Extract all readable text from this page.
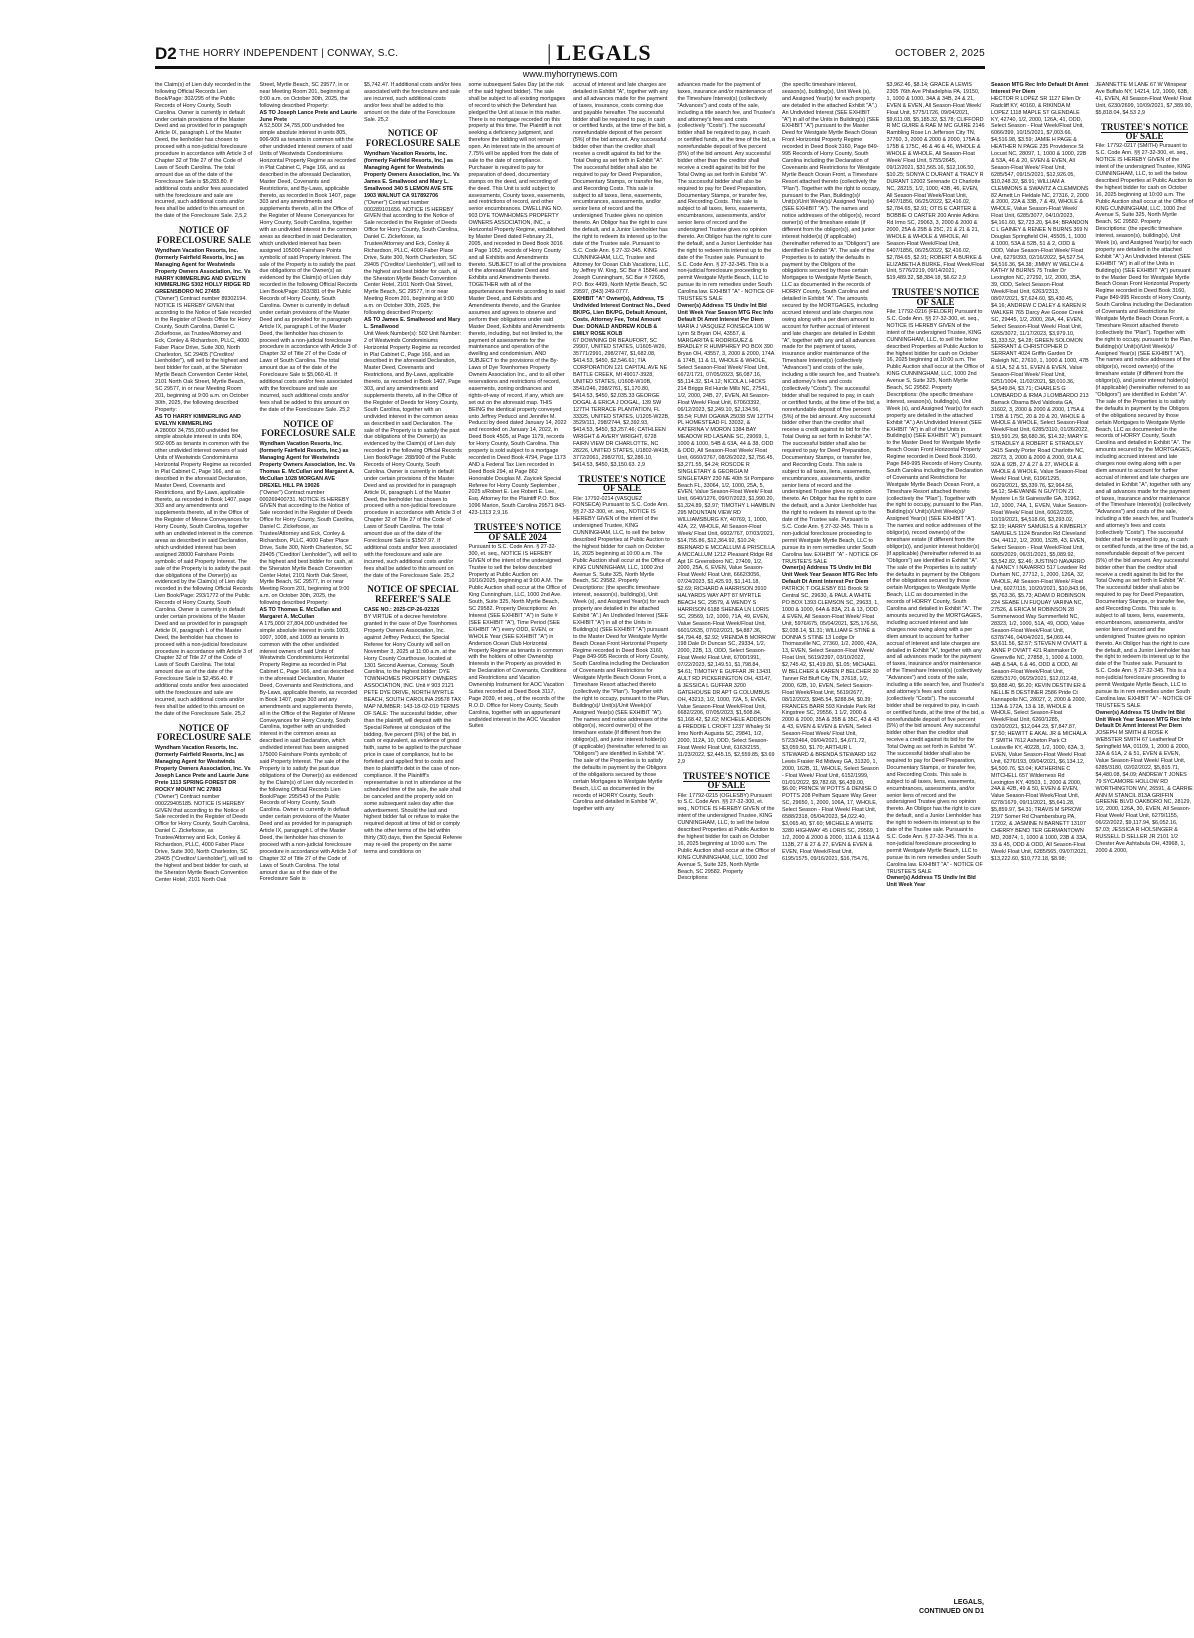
D2 THE HORRY INDEPENDENT | CONWAY, S.C.	| LEGALS	OCTOBER 2, 2025
www.myhorrynews.com

the Claim(s) of Lien duly recorded in the following Official Records Lien Book/Page: 302/295 of the Public Records of Horry County, South Carolina. Owner is currently in default under certain provisions of the Master Deed and as provided for in paragraph Article IX, paragraph L of the Master Deed, the lienholder has chosen to proceed with a non-judicial foreclosure procedure in accordance with Article 3 of Chapter 32 of Title 27 of the Code of Laws of South Carolina. The total amount due as of the date of the Foreclosure Sale is $5,283.80. If additional costs and/or fees associated with the foreclosure and sale are incurred, such additional costs and/or fees shall be added to this amount on the date of the Foreclosure Sale. 2,5,2

NOTICE OF FORECLOSURE SALE

Wyndham Vacation Resorts, Inc. (formerly Fairfield Resorts, Inc.) as Managing Agent for Westwinds Property Owners Association, Inc. Vs HARRY KIMMERLING AND EVELYN KIMMERLING 5302 HOLLY RIDGE RD GREENSBORO NC 27455

("Owner") Contract number 89302194. NOTICE IS HEREBY GIVEN that according to the Notice of Sale recorded in the Register of Deeds Office for Horry County, South Carolina, Daniel C. Zickefoose, as Trustee/Attorney and Eck, Conley & Richardson, PLLC, 4000 Faber Place Drive, Suite 300, North Charleston, SC 29405 ("Creditor/ Lienholder"), will sell to the highest and best bidder for cash, at the Sheraton Myrtle Beach Convention Center Hotel, 2101 North Oak Street, Myrtle Beach, SC 29577, in or near Meeting Room 201, beginning at 9:00 a.m. on October 30th, 2025, the following described Property:

AS TO HARRY KIMMERLING AND EVELYN KIMMERLING

A 28000/ 34,755,000 undivided fee simple absolute interest in units 804, 902-905 as tenants in common with the other undivided interest owners of said Units of Westwinds Condominiums Horizontal Property Regime as recorded in Plat Cabinet C, Page 166, and as described in the aforesaid Declaration, Master Deed, Covenants and Restrictions, and By-Laws, applicable thereto, as recorded in Book 1407, page 303 and any amendments and supplements thereto, all in the Office of the Register of Mesne Conveyances for Horry County, South Carolina, together with an undivided interest in the common areas as described in said Declaration, which undivided interest has been assigned 28000 Fairshare Points symbolic of said Property Interest. The sale of the Property is to satisfy the past due obligations of the Owner(s) as evidenced by the Claim(s) of Lien duly recorded in the following Official Records Lien Book/Page: 293/1772 of the Public Records of Horry County, South Carolina. Owner is currently in default under certain provisions of the Master Deed and as provided for in paragraph Article IX, paragraph L of the Master Deed, the lienholder has chosen to proceed with a non-judicial foreclosure procedure in accordance with Article 3 of Chapter 32 of Title 27 of the Code of Laws of South Carolina. The total amount due as of the date of the Foreclosure Sale is $2,456.40. If additional costs and/or fees associated with the foreclosure and sale are incurred, such additional costs and/or fees shall be added to this amount on the date of the Foreclosure Sale. 25,2

NOTICE OF FORECLOSURE SALE

Wyndham Vacation Resorts, Inc. (formerly Fairfield Resorts, Inc.) as Managing Agent for Westwinds Property Owners Association, Inc. Vs Joseph Lance Prete and Laurie June Prete 1113 SPRING FOREST DR ROCKY MOUNT NC 27803

("Owner") Contract number 000229405185. NOTICE IS HEREBY GIVEN that according to the Notice of Sale recorded in the Register of Deeds Office for Horry County, South Carolina, Daniel C. Zickefoose, as Trustee/Attorney and Eck, Conley & Richardson, PLLC, 4000 Faber Place Drive, Suite 300, North Charleston, SC 29405 ("Creditor/ Lienholder"), will sell to the highest and best bidder for cash, at the Sheraton Myrtle Beach Convention Center Hotel, 2101 North Oak

Street, Myrtle Beach, SC 29577, in or near Meeting Room 201, beginning at 9:00 a.m. on October 30th, 2025, the following described Property:

AS TO Joseph Lance Prete and Laurie June Prete

A 52,500/ 34,755,000 undivided fee simple absolute interest in units 805, 906-909 as tenants in common with the other undivided interest owners of said Units of Westwinds Condominiums Horizontal Property Regime as recorded in Plat Cabinet C, Page 166, and as described in the aforesaid Declaration, Master Deed, Covenants and Restrictions, and By-Laws, applicable thereto, as recorded in Book 1407, page 303 and any amendments and supplements thereto, all in the Office of the Register of Mesne Conveyances for Horry County, South Carolina, together with an undivided interest in the common areas as described in said Declaration, which undivided interest has been assigned 105000 Fairshare Points symbolic of said Property Interest. The sale of the Property is to satisfy the past due obligations of the Owner(s) as evidenced by the Claim(s) of Lien duly recorded in the following Official Records Lien Book/Page: 263/381 of the Public Records of Horry County, South Carolina. Owner is currently in default under certain provisions of the Master Deed and as provided for in paragraph Article IX, paragraph L of the Master Deed, the lienholder has chosen to proceed with a non-judicial foreclosure procedure in accordance with Article 3 of Chapter 32 of Title 27 of the Code of Laws of South Carolina. The total amount due as of the date of the Foreclosure Sale is $5,060.41. If additional costs and/or fees associated with the foreclosure and sale are incurred, such additional costs and/or fees shall be added to this amount on the date of the Foreclosure Sale. 25,2

NOTICE OF FORECLOSURE SALE

Wyndham Vacation Resorts, Inc. (formerly Fairfield Resorts, Inc.) as Managing Agent for Westwinds Property Owners Association, Inc. Vs Thomas E. McCullan and Margaret A. McCullan 1028 MORGAN AVE DREXEL HILL PA 19026

("Owner") Contract number 000269400731. NOTICE IS HEREBY GIVEN that according to the Notice of Sale recorded in the Register of Deeds Office for Horry County, South Carolina, Daniel C. Zickefoose, as Trustee/Attorney and Eck, Conley & Richardson, PLLC, 4000 Faber Place Drive, Suite 300, North Charleston, SC 29405 ("Creditor/ Lienholder"), will sell to the highest and best bidder for cash, at the Sheraton Myrtle Beach Convention Center Hotel, 2101 North Oak Street, Myrtle Beach, SC 29577, in or near Meeting Room 201, beginning at 9:00 a.m. on October 30th, 2025, the following described Property:

AS TO Thomas E. McCullan and Margaret A. McCullan

A 175,000/ 27,804,000 undivided fee simple absolute interest in units 1003, 1007, 1008, and 1009 as tenants in common with the other undivided interest owners of said Units of Westwinds Condominiums Horizontal Property Regime as recorded in Plat Cabinet C, Page 166, and as described in the aforesaid Declaration, Master Deed, Covenants and Restrictions, and By-Laws, applicable thereto, as recorded in Book 1407, page 303 and any amendments and supplements thereto, all in the Office of the Register of Mesne Conveyances for Horry County, South Carolina, together with an undivided interest in the common areas as described in said Declaration, which undivided interest has been assigned 175000 Fairshare Points symbolic of said Property Interest. The sale of the Property is to satisfy the past due obligations of the Owner(s) as evidenced by the Claim(s) of Lien duly recorded in the following Official Records Lien Book/Page: 295/543 of the Public Records of Horry County, South Carolina. Owner is currently in default under certain provisions of the Master Deed and as provided for in paragraph Article IX, paragraph L of the Master Deed, the lienholder has chosen to proceed with a non-judicial foreclosure procedure in accordance with Article 3 of Chapter 32 of Title 27 of the Code of Laws of South Carolina. The total amount due as of the date of the Foreclosure Sale is

$5,742.47. If additional costs and/or fees associated with the foreclosure and sale are incurred, such additional costs and/or fees shall be added to this amount on the date of the Foreclosure Sale. 25,2

NOTICE OF FORECLOSURE SALE

Wyndham Vacation Resorts, Inc. (formerly Fairfield Resorts, Inc.) as Managing Agent for Westwinds Property Owners Association, Inc. Vs James E. Smallwood and Mary L. Smallwood 340 S LEMON AVE STE 1903 WALNUT CA 917892706

("Owner") Contract number 000289101656. NOTICE IS HEREBY GIVEN that according to the Notice of Sale recorded in the Register of Deeds Office for Horry County, South Carolina, Daniel C. Zickefoose, as Trustee/Attorney and Eck, Conley & Richardson, PLLC, 4000 Faber Place Drive, Suite 300, North Charleston, SC 29405 ("Creditor/ Lienholder"), will sell to the highest and best bidder for cash, at the Sheraton Myrtle Beach Convention Center Hotel, 2101 North Oak Street, Myrtle Beach, SC 29577, in or near Meeting Room 201, beginning at 9:00 a.m. on October 30th, 2025, the following described Property:

AS TO James E. Smallwood and Mary L. Smallwood

Unit Week Number(s): 502 Unit Number: 2 of Westwinds Condominiums Horizontal Property Regime as recorded in Plat Cabinet C, Page 166, and as described in the aforesaid Declaration, Master Deed, Covenants and Restrictions, and By-Laws, applicable thereto, as recorded in Book 1407, Page 303, and any amendments and supplements thereto, all in the Office of the Register of Deeds for Horry County, South Carolina, together with an undivided interest in the common areas as described in said Declaration. The sale of the Property is to satisfy the past due obligations of the Owner(s) as evidenced by the Claim(s) of Lien duly recorded in the following Official Records Lien Book/Page: 288/900 of the Public Records of Horry County, South Carolina. Owner is currently in default under certain provisions of the Master Deed and as provided for in paragraph Article IX, paragraph L of the Master Deed, the lienholder has chosen to proceed with a non-judicial foreclosure procedure in accordance with Article 3 of Chapter 32 of Title 27 of the Code of Laws of South Carolina. The total amount due as of the date of the Foreclosure Sale is $1507.97. If additional costs and/or fees associated with the foreclosure and sale are incurred, such additional costs and/or fees shall be added to this amount on the date of the Foreclosure Sale. 25,2

NOTICE OF SPECIAL REFEREE'S SALE

CASE NO.: 2025-CP-26-02326

BY VIRTUE of a decree heretofore granted in the case of Dye Townhomes Property Owners Association, Inc. against Jeffrey Peducci, the Special Referee for Horry County will sell on November 3, 2025 at 11:00 a.m. at the Horry County Courthouse, located at 1301 Second Avenue, Conway, South Carolina, to the highest bidder: DYE TOWNHOMES PROPERTY OWNERS ASSOCIATION, INC. Unit # 903 2121 PETE DYE DRIVE, NORTH MYRTLE BEACH, SOUTH CAROLINA 29578 TAX MAP NUMBER: 143-18-02-019 TERMS OF SALE: The successful bidder, other than the plaintiff, will deposit with the Special Referee at conclusion of the bidding, five percent (5%) of the bid, in cash or equivalent, as evidence of good faith, same to be applied to the purchase price in case of compliance, but to be forfeited and applied first to costs and then to plaintiff's debt in the case of non-compliance. If the Plaintiff's representative is not in attendance at the scheduled time of the sale, the sale shall be canceled and the property sold on some subsequent sales day after due advertisement. Should the last and highest bidder fail or refuse to make the required deposit at time of bid or comply with the other terms of the bid within thirty (30) days, then the Special Referee may re-sell the property on the same terms and conditions on

some subsequent Sales Day (at the risk of the said highest bidder). The sale shall be subject to all existing mortgages of record to which the Defendant has pledged the Unit at issue in this matter. There is no mortgage recorded on this property at this time. The Plaintiff is not seeking a deficiency judgment, and therefore the bidding will not remain open. An interest rate in the amount of 7.75% will be applied from the date of sale to the date of compliance. Purchaser is required to pay for preparation of deed, documentary stamps on the deed, and recording of the deed. This Unit is sold subject to assessments, County taxes, easements, and restrictions of record, and other senior encumbrances. DWELLING NO. 903 DYE TOWNHOMES PROPERTY OWNERS ASSOCIATION, INC., a Horizontal Property Regime, established by Master Deed dated February 21, 2005, and recorded in Deed Book 3016 at Page 1052, records of Horry County and all Exhibits and Amendments thereto. SUBJECT to all of the provisions of the aforesaid Master Deed and Exhibits and Amendments thereto. TOGETHER with all of the appurtenances thereto according to said Master Deed, and Exhibits and Amendments thereto, and the Grantee assumes and agrees to observe and perform their obligations under said Master Deed, Exhibits and Amendments thereto, including, but not limited to, the payment of assessments for the maintenance and operation of the dwelling and condominium. AND SUBJECT to the provisions of the By-Laws of Dye Townhomes Property Owners Association Inc., and to all other reservations and restrictions of record, easements, zoning ordinances and rights-of-way of record, if any, which are set out on the aforesaid map. THIS BEING the identical property conveyed unto Jeffrey Peducci and Jennifer M. Peducci by deed dated January 14, 2022 and recorded on January 14, 2022, in Deed Book 4505, at Page 1179, records for Horry County, South Carolina. This property is sold subject to a mortgage recorded in Deed Book 4794, Page 1173 AND a Federal Tax Lien recorded in Deed Book 294, at Page 862

Honorable Douglas M. Zayicek Special Referee for Horry County September , 2025 s/Robert E. Lee Robert E. Lee, Esq. Attorney for the Plaintiff P.O. Box 1096 Marion, South Carolina 29571 843-423-1313 2,9,16

TRUSTEE'S NOTICE OF SALE 2024

Pursuant to S.C. Code Ann. § 27-32-300, et. seq., NOTICE IS HEREBY GIVEN of the intent of the undersigned Trustee to sell the below described Property at Public Auction on 10/16/2025, beginning at 9:00 A.M. The Public Auction shall occur at the Office of King Cunningham, LLC, 1000 2nd Ave. South, Suite 325, North Myrtle Beach, SC 29582. Property Descriptions: An Interest (SEE EXHIBIT "A") in Suite # (SEE EXHIBIT "A"), Time Period (SEE EXHIBIT "A") every ODD, EVEN, or WHOLE Year (SEE EXHIBIT "A") in Anderson Ocean Club Horizontal Property Regime as tenants in common with the holders of other Ownership Interests in the Property as provided in the Declaration of Covenants, Conditions and Restrictions and Vacation Ownership Instrument for AOC Vacation Suites recorded at Deed Book 3117, Page 2039, et seq., of the records of the R.O.D. Office for Horry County, South Carolina, together with an appurtenant undivided interest in the AOC Vacation Suites

accrual of interest and late charges are detailed in Exhibit "A", together with any and all advances made for the payment of taxes, insurance, costs coming due and payable hereafter. The successful bidder shall be required to pay, in cash or certified funds, at the time of the bid, a nonrefundable deposit of five percent (5%) of the bid amount. Any successful bidder other than the creditor shall receive a credit against its bid for the Total Owing as set forth in Exhibit "A". The successful bidder shall also be required to pay for Deed Preparation, Documentary Stamps, or transfer fee, and Recording Costs. This sale is subject to all taxes, liens, easements, encumbrances, assessments, and/or senior liens of record and the undersigned Trustee gives no opinion thereto. An Obligor has the right to cure the default, and a Junior Lienholder has the right to redeem its interest up to the date of the Trustee sale. Pursuant to S.C. Code Ann. § 27-32-345. KING CUNNINGHAM, LLC, Trustee and Attorney for Ocean Club Vacations, LLC, by Jeffrey W. King, SC Bar # 15846 and Joseph Cunningham, SC Bar # 72605, P.O. Box 4499, North Myrtle Beach, SC 29597, (843) 249-0777.

EXHIBIT "A" Owner(s), Address, TS Undivided Interest Contract No., Deed BK/PG, Lien BK/PG, Default Amount, Costs, Attorney Fee, Total Amount Due: DONALD ANDREW KOLB & EMILY ROSE KOLB

67 DOWNING DR BEAUFORT, SC 29907, UNITED STATES, U1605-W26, 35771/2991, 298/2747, $1,682.08, $414.53, $450, $2,546.61; TIA CORPORATION 121 CAPITAL AVE NE BATTLE CREEK, MI 49017-3928, UNITED STATES, U1608-W10B, 3541/246, 298/2761, $1,170.80, $414.53, $450, $2,035.33 GEORGE DOGAL & ERICA J DOGAL, 139 SW 127TH TERRACE PLANTATION, FL 33325, UNITED STATES, U1205-W22B, 3529/111, 298/2744, $2,392.93, $414.53, $450, $3,257.46; CATHLEEN WRIGHT & AVERY WRIGHT, 6728 FAIRN VIEW DR CHARLOTTE, NC 28226, UNITED STATES, U1802-W41B, 3772/2061, 298/2701, $2,286.10, $414.53, $450, $3,150.63. 2,9

TRUSTEE'S NOTICE OF SALE

File: 17792-0214 (VASQUEZ FONSECA) Pursuant to S.C. Code Ann. §§ 27-32-300, et. seq., NOTICE IS HEREBY GIVEN of the intent of the undersigned Trustee, KING CUNNINGHAM, LLC, to sell the below described Properties at Public Auction to the highest bidder for cash on October 16, 2025 beginning at 10:00 a.m. The Public Auction shall occur at the Office of KING CUNNINGHAM, LLC, 1000 2nd Avenue S, Suite 325, North Myrtle Beach, SC 29582. Property Descriptions: (the specific timeshare interest, season(s), building(s), Unit Week (s), and Assigned Year(s) for each property are detailed in the attached Exhibit "A".) An Undivided Interest (SEE EXHIBIT "A") in all of the Units in Building(s) (SEE EXHIBIT "A") pursuant to the Master Deed for Westgate Myrtle Beach Ocean Front Horizontal Property Regime recorded in Deed Book 3160, Page 849-995 Records of Horry County, South Carolina including the Declaration of Covenants and Restrictions for Westgate Myrtle Beach Ocean Front, a Timeshare Resort attached thereto (collectively the "Plan"). Together with the right to occupy, pursuant to the Plan, Building(s)/ Unit(s)/Unit Week(s)/ Assigned Year(s) (SEE EXHIBIT "A"). The names and notice addresses of the obligor(s), record owner(s) of the timeshare estate (if different from the obligor(s)), and junior interest holder(s) (if applicable) (hereinafter referred to as "Obligors") are identified in Exhibit "A". The sale of the Properties is to satisfy the defaults in payment by the Obligors of the obligations secured by those certain Mortgages to Westgate Myrtle Beach, LLC as documented in the records of HORRY County, South Carolina and detailed in Exhibit "A", together with any

advances made for the payment of taxes, insurance and/or maintenance of the Timeshare Interest(s) (collectively "Advances") and costs of the sale, including a title search fee, and Trustee's and attorney's fees and costs (collectively "Costs"). The successful bidder shall be required to pay, in cash or certified funds, at the time of the bid, a nonrefundable deposit of five percent (5%) of the bid amount. Any successful bidder other than the creditor shall receive a credit against its bid for the Total Owing as set forth in Exhibit "A". The successful bidder shall also be required to pay for Deed Preparation, Documentary Stamps, or transfer fee, and Recording Costs. This sale is subject to all taxes, liens, easements, encumbrances, assessments, and/or senior liens of record and the undersigned Trustee gives no opinion thereto. An Obligor has the right to cure the default, and a Junior Lienholder has the right to redeem its interest up to the date of the Trustee sale. Pursuant to S.C. Code Ann. § 27-32-345. This is a non-judicial foreclosure proceeding to permit Westgate Myrtle Beach, LLC to pursue its in rem remedies under South Carolina law. EXHIBIT "A" - NOTICE OF TRUSTEE'S SALE

Owner(s) Address TS Undiv Int Bld Unit Week Year Season MTG Rec Info Default Dt Amnt Interest Per Diem

MARIA J VASQUEZ FONSECA 106 W Lynn St Bryan OH, 43557, & MARGARITA E RODRIGUEZ & BRADLEY R HUMPHREY PO BOX 390 Bryan OH, 43557, 3, 2000 & 2000, 174A & 174B, 11 & 11, WHOLE & WHOLE, Select Season-Float Week/ Float Unit, 6672/1721, 07/05/2023, $6,087.16, $5,114.32, $14.12; NICOLA L HICKS 214 Briggs Rd Hurde Mills NC, 27541, 1/2, 2000, 24B, 27, EVEN, All Season-Float Week/ Float Unit, 6706/3392, 06/12/2023, $2,249.10, $2,134.56, $5.54; FUMI OGAWA 25038 SW 127TH PL HOMESTEAD FL 33032, & KATERINA V MORON 1384 BAY MEADOW RD LASANE SC, 29069, 1, 1000 & 1000, 54B & 63A, 44 & 38, ODD & ODD, All Season-Float Week/ Float Unit, 6660/2767, 08/26/2022, $2,756.45, $3,271.55, $4.24; ROSCOE R SINGLETARY & GEORGIA M SINGLETARY 230 NE 40th St Pompano Beach FL, 33064, 1/2, 1000, 25A, 5, EVEN, Value Season-Float Week/ Float Unit, 6640/1276, 09/07/2023, $1,990.20, $1,324.89, $3.97; TIMOTHY L HAMBLIN 295 MOUNTAIN VIEW RD WILLIAMSBURG KY, 40769, 1, 1000, 42A, 22, WHOLE, All Season-Float Week/ Float Unit, 6602/767, 07/03/2021, $14,755.86, $12,364.92, $10.24; BERNARD E MCCALLUM & PRISCILLA A MCCALLUM 1212 Pleasant Ridge Rd Apt 1F Greensboro NC, 27409, 1/2, 2000, 25A, 6, EVEN, Value Season-Float Week/ Float Unit, 6662/3056, 07/24/2023, $1,425.93, $1,141.18, $2.69; RICHARD A HARRISON 3910 HALYARDS WAY APT 87 MYRTLE BEACH SC, 29579, & WENDY S HARRISON 6188 SHENEA LN LORIS SC, 29569, 1/2, 1000, 71A, 49, EVEN, Value Season-Float Week/Float Unit, 6601/2635, 07/02/2021, $4,887.36, $4,794.48, $2.92; VRENDA B MORROW 198 Dale Dr Duncan SC, 29334, 1/2, 2000, 22B, 13, ODD, Select Season-Float Week/ Float Unit, 6700/1991, 07/22/2023, $2,149.51, $1,798.84, $4.61; TIMOTHY E GUFFAR JR 13431 AULT RD PICKERINGTON OH, 43147, & JESSICA L GUFFAR 3200 GATEHOUSE DR APT G COLUMBUS OH, 43213, 1/2, 1000, 72A, 5, EVEN, Value Season-Float Week/Float Unit, 6682/2206, 07/05/2023, $1,508.84, $1,168.42, $2.62; MICHELE ADDISON & FREDDIE L CROFT 1237 Whaley St Irmo North Augusta SC, 29841, 1/2, 2000, 112A, 10, ODD, Select Season-Float Week/ Float Unit, 6163/2155, 11/23/2022, $2,445.15, $2,559.85, $3.69 2,9

TRUSTEE'S NOTICE OF SALE

File: 17792-0215 (OGLESBY) Pursuant to S.C. Code Ann. §§ 27-32-300, et. seq., NOTICE IS HEREBY GIVEN of the intent of the undersigned Trustee, KING CUNNINGHAM, LLC, to sell the below described Properties at Public Auction to the highest bidder for cash on October 16, 2025 beginning at 10:00 a.m. The Public Auction shall occur at the Office of KING CUNNINGHAM, LLC, 1000 2nd Avenue S, Suite 325, North Myrtle Beach, SC 29582. Property Descriptions:

(the specific timeshare interest, season(s), building(s), Unit Week (s), and Assigned Year(s) for each property are detailed in the attached Exhibit "A".) An Undivided Interest (SEE EXHIBIT "A") in all of the Units in Building(s) (SEE EXHIBIT "A") pursuant to the Master Deed for Westgate Myrtle Beach Ocean Front Horizontal Property Regime recorded in Deed Book 3160, Page 849-995 Records of Horry County, South Carolina including the Declaration of Covenants and Restrictions for Westgate Myrtle Beach Ocean Front, a Timeshare Resort attached thereto (collectively the "Plan"). Together with the right to occupy, pursuant to the Plan, Building(s)/ Unit(s)/Unit Week(s)/ Assigned Year(s) (SEE EXHIBIT "A"). The names and notice addresses of the obligor(s), record owner(s) of the timeshare estate (if different from the obligor(s)), and junior interest holder(s) (if applicable) (hereinafter referred to as "Obligors") are identified in Exhibit "A". The sale of the Properties is to satisfy the defaults in payment by the Obligors of the obligations secured by those certain Mortgages to Westgate Myrtle Beach, LLC as documented in the records of HORRY County, South Carolina and detailed in Exhibit "A". The amounts secured by the MORTGAGES, including accrued interest and late charges now owing along with a per diem amount to account for further accrual of interest and late charges are detailed in Exhibit "A", together with any and all advances made for the payment of taxes, insurance and/or maintenance of the Timeshare Interest(s) (collectively "Advances") and costs of the sale, including a title search fee, and Trustee's and attorney's fees and costs (collectively "Costs"). The successful bidder shall be required to pay, in cash or certified funds, at the time of the bid, a nonrefundable deposit of five percent (5%) of the bid amount. Any successful bidder other than the creditor shall receive a credit against its bid for the Total Owing as set forth in Exhibit "A". The successful bidder shall also be required to pay for Deed Preparation, Documentary Stamps, or transfer fee, and Recording Costs. This sale is subject to all taxes, liens, easements, encumbrances, assessments, and/or senior liens of record and the undersigned Trustee gives no opinion thereto. An Obligor has the right to cure the default, and a Junior Lienholder has the right to redeem its interest up to the date of the Trustee sale. Pursuant to S.C. Code Ann. § 27-32-345. This is a non-judicial foreclosure proceeding to permit Westgate Myrtle Beach, LLC to pursue its in rem remedies under South Carolina law. EXHIBIT "A" - NOTICE OF TRUSTEE'S SALE

Owner(s) Address TS Undiv Int Bld Unit Week Year Season MTG Rec Info Default Dt Amnt Interest Per Diem

PATRICK T OGLESBY 811 Brook St Central SC, 29630, & PAUL A WHITE PO BOX 1393 CLEMSON SC, 29633, 1, 1000 & 1000, 64A & 83A, 21 & 13, ODD & EVEN, All Season-Float Week/ Float Unit, 5976/675, 05/04/2021, $25,176.56, $2,038.14, $1.31; WILLIAM E STINE & DONNA S STINE 13 Lodge Dr Thomasville NC, 27360, 1/2, 2000, 42A, 13, EVEN, Select Season-Float Week/ Float Unit, 5619/2397, 03/10/2022, $2,745.42, $1,419.80, $1.05; MICHAEL W BELCHER & KAREN P BELCHER 30 Tanner Rd Bluff City TN, 37618, 1/2, 2000, 62B, 10, EVEN, Select Season-Float Week/Float Unit, 5619/2677, 08/12/2023, $945.54, $288.84, $0.39; FRANCES BARR 593 Kindale Park Rd Kingstree SC, 29556, 1 1/2, 2000 & 2000 & 2000, 35A & 35B & 35C, 43 & 43 & 43, EVEN & EVEN & EVEN, Select Season-Float Week/ Float Unit, 5723/2464, 09/04/2021, $4,671.72, $3,059.50, $1.70; ARTHUR L STEWARD & BRENDA STEWARD 162 Lewis Frasier Rd Midway GA, 31320, 1, 2000, 162B, 11, WHOLE, Select Season - Float Week/ Float Unit, 6152/1999, 01/01/2022, $9,782.68, $6,439.00, $6.00; PRINCE W POTTS & DENISE D POTTS 208 Pelham Square Way Greer SC, 29650, 1, 2000, 106A, 17, WHOLE, Select Season - Float Week/ Float Unit, 6588/2318, 05/04/2023, $4,022.40, $3,065.40, $7.60; MICHELE A WHITE 3280 HIGHWAY 45 LORIS SC, 29569, 1 1/2, 2000 & 2000 & 2000, 111A & 113A & 113B, 27 & 27 & 27, EVEN & EVEN & EVEN, Float Week/Float Unit, 6195/1575, 09/16/2021, $16,754.76,

$3,962.46, $8.14; GRACE A LEWIS 2305 76th Ave Philadelphia PA, 19150, 1, 1000 & 1000, 34A & 34B, 24 & 21, EVEN & EVEN, All Season-Float Week/ Float Unit, 5775/1726, 09/04/2021, $9,611.08, $5,185.32, $3.78; CLIFFORD R MC GUIRE & RAE M MC GUIRE 2146 Rambling Rose Ln Jefferson City TN, 37760, 3, 2000 & 2000 & 2000, 175A & 175B & 175C, 46 & 46 & 46, WHOLE & WHOLE & WHOLE, All Season-Float Week/ Float Unit, 5755/2645, 09/12/2021, $31,565.16, $12,106.50, $10.25; SONYA C DURANT & TRACY R DURANT 12002 Serenade Ct Charlotte NC, 28215, 1/2, 1000, 43B, 46, EVEN, All Season-Float Week/Float Unit, 6407/1856, 06/25/2022, $2,416.02, $2,784.65, $2.91; OTIS E CARTER & BOBBIE O CARTER 200 Annie Adkins Rd Irmo SC, 29063, 3, 2000 & 2000 & 2000, 25A & 25B & 25C, 21 & 21 & 21, WHOLE & WHOLE & WHOLE, All Season-Float Week/Float Unit, 6407/1856, 06/25/2022, $2,416.02, $2,784.65, $2.91; ROBERT A BURKE & ELIZABETH A BURKE, Float Week/Float Unit, 5776/2219, 09/14/2021, $19,489.32, $8,384.18, $6.62 2,9

TRUSTEE'S NOTICE OF SALE

File: 17792-0216 (FELDER) Pursuant to S.C. Code Ann. §§ 27-32-300, et. seq., NOTICE IS HEREBY GIVEN of the intent of the undersigned Trustee, KING CUNNINGHAM, LLC, to sell the below described Properties at Public Auction to the highest bidder for cash on October 16, 2025 beginning at 10:00 a.m. The Public Auction shall occur at the Office of KING CUNNINGHAM, LLC, 1000 2nd Avenue S, Suite 325, North Myrtle Beach, SC 29582. Property Descriptions: (the specific timeshare interest, season(s), building(s), Unit Week (s), and Assigned Year(s) for each property are detailed in the attached Exhibit "A".) An Undivided Interest (SEE EXHIBIT "A") in all of the Units in Building(s) (SEE EXHIBIT "A") pursuant to the Master Deed for Westgate Myrtle Beach Ocean Front Horizontal Property Regime recorded in Deed Book 3160, Page 849-995 Records of Horry County, South Carolina including the Declaration of Covenants and Restrictions for Westgate Myrtle Beach Ocean Front, a Timeshare Resort attached thereto (collectively the "Plan"). Together with the right to occupy, pursuant to the Plan, Building(s)/ Unit(s)/Unit Week(s)/ Assigned Year(s) (SEE EXHIBIT "A"). The names and notice addresses of the obligor(s), record owner(s) of the timeshare estate (if different from the obligor(s)), and junior interest holder(s) (if applicable) (hereinafter referred to as "Obligors") are identified in Exhibit "A". The sale of the Properties is to satisfy the defaults in payment by the Obligors of the obligations secured by those certain Mortgages to Westgate Myrtle Beach, LLC as documented in the records of HORRY County, South Carolina and detailed in Exhibit "A". The amounts secured by the MORTGAGES, including accrued interest and late charges now owing along with a per diem amount to account for further accrual of interest and late charges are detailed in Exhibit "A", together with any and all advances made for the payment of taxes, insurance and/or maintenance of the Timeshare Interest(s) (collectively "Advances") and costs of the sale, including a title search fee, and Trustee's and attorney's fees and costs (collectively "Costs"). The successful bidder shall be required to pay, in cash or certified funds, at the time of the bid, a nonrefundable deposit of five percent (5%) of the bid amount. Any successful bidder other than the creditor shall receive a credit against its bid for the Total Owing as set forth in Exhibit "A". The successful bidder shall also be required to pay for Deed Preparation, Documentary Stamps, or transfer fee, and Recording Costs. This sale is subject to all taxes, liens, easements, encumbrances, assessments, and/or senior liens of record and the undersigned Trustee gives no opinion thereto. An Obligor has the right to cure the default, and a Junior Lienholder has the right to redeem its interest up to the date of the Trustee sale. Pursuant to S.C. Code Ann. § 27-32-345. This is a non-judicial foreclosure proceeding to permit Westgate Myrtle Beach, LLC to pursue its in rem remedies under South Carolina law. EXHIBIT "A" - NOTICE OF TRUSTEE'S SALE

Owner(s) Address TS Undiv Int Bld Unit Week Year

Season MTG Rec Info Default Dt Amnt Interest Per Diem

HECTOR R LOPEZ SR 1127 Ellen Dr Radcliff KY, 40160, & RIKINDA M LOPEZ 1118 MAPLE ST GLENDALE KY, 42740, 1/2, 2000, 126A, 41, ODD, Select Season - Float Week/Float Unit, 6066/399, 10/15/2021, $7,003.66, $4,516.98, $3.59; JAMIE H PAGE & HEATHER N PAGE 235 Providence St Locust NC, 28097, 1, 1000 & 1000, 22B & 53A, 46 & 20, EVEN & EVEN, All Season-Float Week/ Float Unit, 6285/547, 09/15/2021, $12,926.05, $10,248.32, $8.91; WILLIAM A CLEMMONS & SWANTZ A CLEMMONS 82 Arnett Ln Fieldale NC, 27316, 2, 2000 & 2000, 22A & 33B, 7 & 49, WHOLE & WHOLE, Value Season-Float Week/ Float Unit, 6285/3077, 04/10/2023, $4,161.60, $2,723.20, $4.84; BRANDON C L GAINEY & RENEE N BURNS 369 N Douglas Springfield OH, 45505, 1, 1000 & 1000, 53A & 52B, 51 & 2, ODD & ODD, Value Season-Float Week/ Float Unit, 6279/393, 02/16/2022, $4,527.54, $4,516.36, $4.38; JIMMY W WELCH & KATHY M BURNS 75 Trailer Dr Lexington NC, 27292, 1/2, 2000, 35A, 39, ODD, Select Season-Float Week/Float Unit, 6263/2313, 08/07/2021, $7,624.60, $5,430.45, $4.16; ANDREW C DALEY & KAREN R WALKER 765 Darcy Ave Goose Creek SC, 29445, 1/2, 2000, 26A, 44, EVEN, Select Season-Float Week/ Float Unit, 6265/3072, 11/17/2023, $3,979.10, $1,333.52, $4.28; GREEN SOLOMON SERRANT & CHRISTOPHER D SERRANT 4024 Griffin Garden Dr Raleigh NC, 27610, 1, 1000 & 1000, 47B & 51A, 52 & 51, EVEN & EVEN, Value Season-Float Week/ Float Unit, 6251/1004, 11/02/2021, $8,010.36, $4,549.84, $3.71; CHARLES G LOMBARDO & IRMA J LOMBARDO 213 Barrack Obama Blvd Valdosta GA, 31602, 3, 2000 & 2000 & 2000, 175A & 175B & 175C, 20 & 20 & 20, WHOLE & WHOLE & WHOLE, Select Season-Float Week/Float Unit, 6285/3110, 01/26/2022, $19,591.29, $8,680.36, $14.32; MARY E STRADLEY & ROBERT E STRADLEY 2415 Sandy Porter Road Charlotte NC, 28273, 3, 2000 & 2000 & 2000, 91A & 92A & 92B, 27 & 27 & 27, WHOLE & WHOLE & WHOLE, Value Season-Float Week/ Float Unit, 6196/1295, 06/29/2021, $5,339.76, $2,964.56, $4.12; SHEVANNE N GUYTON 21 Mystere Ln St Gainesville GA, 31962, 1/2, 1000, 74A, 1, EVEN, Value Season-Float Week/ Float Unit, 6062/2395, 10/19/2021, $4,518.66, $3,293.02, $2.19; HARRY SAMUELS & KIMBERLY SAMUELS 1124 Brandon Rd Cleveland OH, 44112, 1/2, 2000, 152B, 43, EVEN, Select Season - Float Week/Float Unit, 6005/2029, 06/31/2021, $5,089.92, $3,542.82, $2.46; JUSTINO NAVARRO & NANCY I NAVARRO 517 Lowdeer Rd Durham NC, 27712, 1, 2000, 126A, 32, WHOLE, All Season-Float Week/ Float Unit, 6027/115, 10/20/2021, $10,843.96, $5,763.36, $5.73; ADAM D ROBINSON 224 SEABE LN FUQUAY VARINA NC, 27526, & ERICA M ROBINSON 28 Summerwood Way Summerfield NC, 28323, 1/2, 1000, 51A, 49, ODD, Value Season-Float Week/Float Unit, 6378/746, 04/04/2021, $4,069.44, $3,611.56, $2.57; STEVEN M OVIATT & ANNE P OVIATT 421 Rainmaker Dr Greenville NC, 27858, 1, 1000 & 1000, 44B & 54A, 6 & 46, ODD & ODD, All Season-Float Week/Float Unit, 6285/3170, 06/29/2021, $12,012.48, $9,888.40, $6.20; KEVIN DESTIN ER & NELLIE B DESTINER 2586 Pride Ct Kannapolis NC, 28027, 2, 2000 & 2000, 113A & 172A, 13 & 18, WHOLE & WHOLE, Select Season-Float Week/Float Unit, 6260/1285, 03/20/2021, $12,044.23, $7,847.87, $7.50; HEWITT E AKAL JR & MICHALA T SMITH 7612 Asheton Park Ct Louisville KY, 40228, 1/2, 1000, 63A, 3, EVEN, Value Season-Float Week/ Float Unit, 6276/193, 09/04/2021, $6,134.12, $4,500.76, $3.04; KATHERINE C MITCHELL 657 Wilderness Rd Lexington KY, 40503, 1, 2000 & 2000, 24A & 42B, 49 & 50, EVEN & EVEN, Value Season-Float Week/Float Unit, 6278/1679, 09/11/2021, $5,641.28, $5,859.97, $4.31; TRAVIS M SPROW 2197 Somer Rd Chambersburg PA, 17202, & JASMINE N BARNETT 13107 CHERRY BEND TER GERMANTOWN MD, 20874, 1, 1000 & 1000, 23B & 33A, 33 & 45, ODD & ODD, All Season-Float Week/ Float Unit, 6285/565, 09/07/2021, $13,222.60, $10,772.18, $8.98;

JEANNETTE M LANE 67 W Winspear Ave Buffalo NY, 14214, 1/2, 1000, 63B, 41, EVEN, All Season-Float Week/ Float Unit, 6230/2699, 10/09/2021, $7,389.90, $5,818.04, $4.53 2,9

TRUSTEE'S NOTICE OF SALE

File: 17792-0217 (SMITH) Pursuant to S.C. Code Ann. §§ 27-32-300, et. seq., NOTICE IS HEREBY GIVEN of the intent of the undersigned Trustee, KING CUNNINGHAM, LLC, to sell the below described Properties at Public Auction to the highest bidder for cash on October 16, 2025 beginning at 10:00 a.m. The Public Auction shall occur at the Office of KING CUNNINGHAM, LLC, 1000 2nd Avenue S, Suite 325, North Myrtle Beach, SC 29582. Property Descriptions: (the specific timeshare interest, season(s), building(s), Unit Week (s), and Assigned Year(s) for each property are detailed in the attached Exhibit "A".) An Undivided Interest (SEE EXHIBIT "A") in all of the Units in Building(s) (SEE EXHIBIT "A") pursuant to the Master Deed for Westgate Myrtle Beach Ocean Front Horizontal Property Regime recorded in Deed Book 3160, Page 849-995 Records of Horry County, South Carolina including the Declaration of Covenants and Restrictions for Westgate Myrtle Beach Ocean Front, a Timeshare Resort attached thereto (collectively the "Plan"). Together with the right to occupy, pursuant to the Plan, Building(s)/ Unit(s)/Unit Week(s)/ Assigned Year(s) (SEE EXHIBIT "A"). The names and notice addresses of the obligor(s), record owner(s) of the timeshare estate (if different from the obligor(s)), and junior interest holder(s) (if applicable) (hereinafter referred to as "Obligors") are identified in Exhibit "A". The sale of the Properties is to satisfy the defaults in payment by the Obligors of the obligations secured by those certain Mortgages to Westgate Myrtle Beach, LLC as documented in the records of HORRY County, South Carolina and detailed in Exhibit "A". The amounts secured by the MORTGAGES, including accrued interest and late charges now owing along with a per diem amount to account for further accrual of interest and late charges are detailed in Exhibit "A", together with any and all advances made for the payment of taxes, insurance and/or maintenance of the Timeshare Interest(s) (collectively "Advances") and costs of the sale, including a title search fee, and Trustee's and attorney's fees and costs (collectively "Costs"). The successful bidder shall be required to pay, in cash or certified funds, at the time of the bid, a nonrefundable deposit of five percent (5%) of the bid amount. Any successful bidder other than the creditor shall receive a credit against its bid for the Total Owing as set forth in Exhibit "A". The successful bidder shall also be required to pay for Deed Preparation, Documentary Stamps, or transfer fee, and Recording Costs. This sale is subject to all taxes, liens, easements, encumbrances, assessments, and/or senior liens of record and the undersigned Trustee gives no opinion thereto. An Obligor has the right to cure the default, and a Junior Lienholder has the right to redeem its interest up to the date of the Trustee sale. Pursuant to S.C. Code Ann. § 27-32-345. This is a non-judicial foreclosure proceeding to permit Westgate Myrtle Beach, LLC to pursue its in rem remedies under South Carolina law. EXHIBIT "A" - NOTICE OF TRUSTEE'S SALE

Owner(s) Address TS Undiv Int Bld Unit Week Year Season MTG Rec Info Default Dt Amnt Interest Per Diem

JOSEPH M SMITH & ROSE K WEBSTER SMITH 67 Leatherleaf Dr Springfield MA, 01109, 1, 2000 & 2000, 32A & 61A, 2 & 51, EVEN & EVEN, Value Season-Float Week/ Float Unit, 6285/3180, 02/02/2022, $5,815.71, $4,480.08, $4.09; ANDREW T JONES 79 SYCAMORE HOLLOW RD WORTHINGTON WV, 26591, & CARRIE ANN M STANCIL 813A GRIFFIN GREENE BLVD OAKBORO NC, 28129, 1/2, 2000, 126A, 30, EVEN, All Season-Float Week/ Float Unit, 6279/1155, 06/22/2022, $9,117.94, $6,052.16, $7.03; JESSICA R HOLSINGER & RUSSELL D SELLER JR 2101 1/2 Chester Ave Ashtabula OH, 43968, 1, 2000 & 2000,

LEGALS,
CONTINUED ON D1
